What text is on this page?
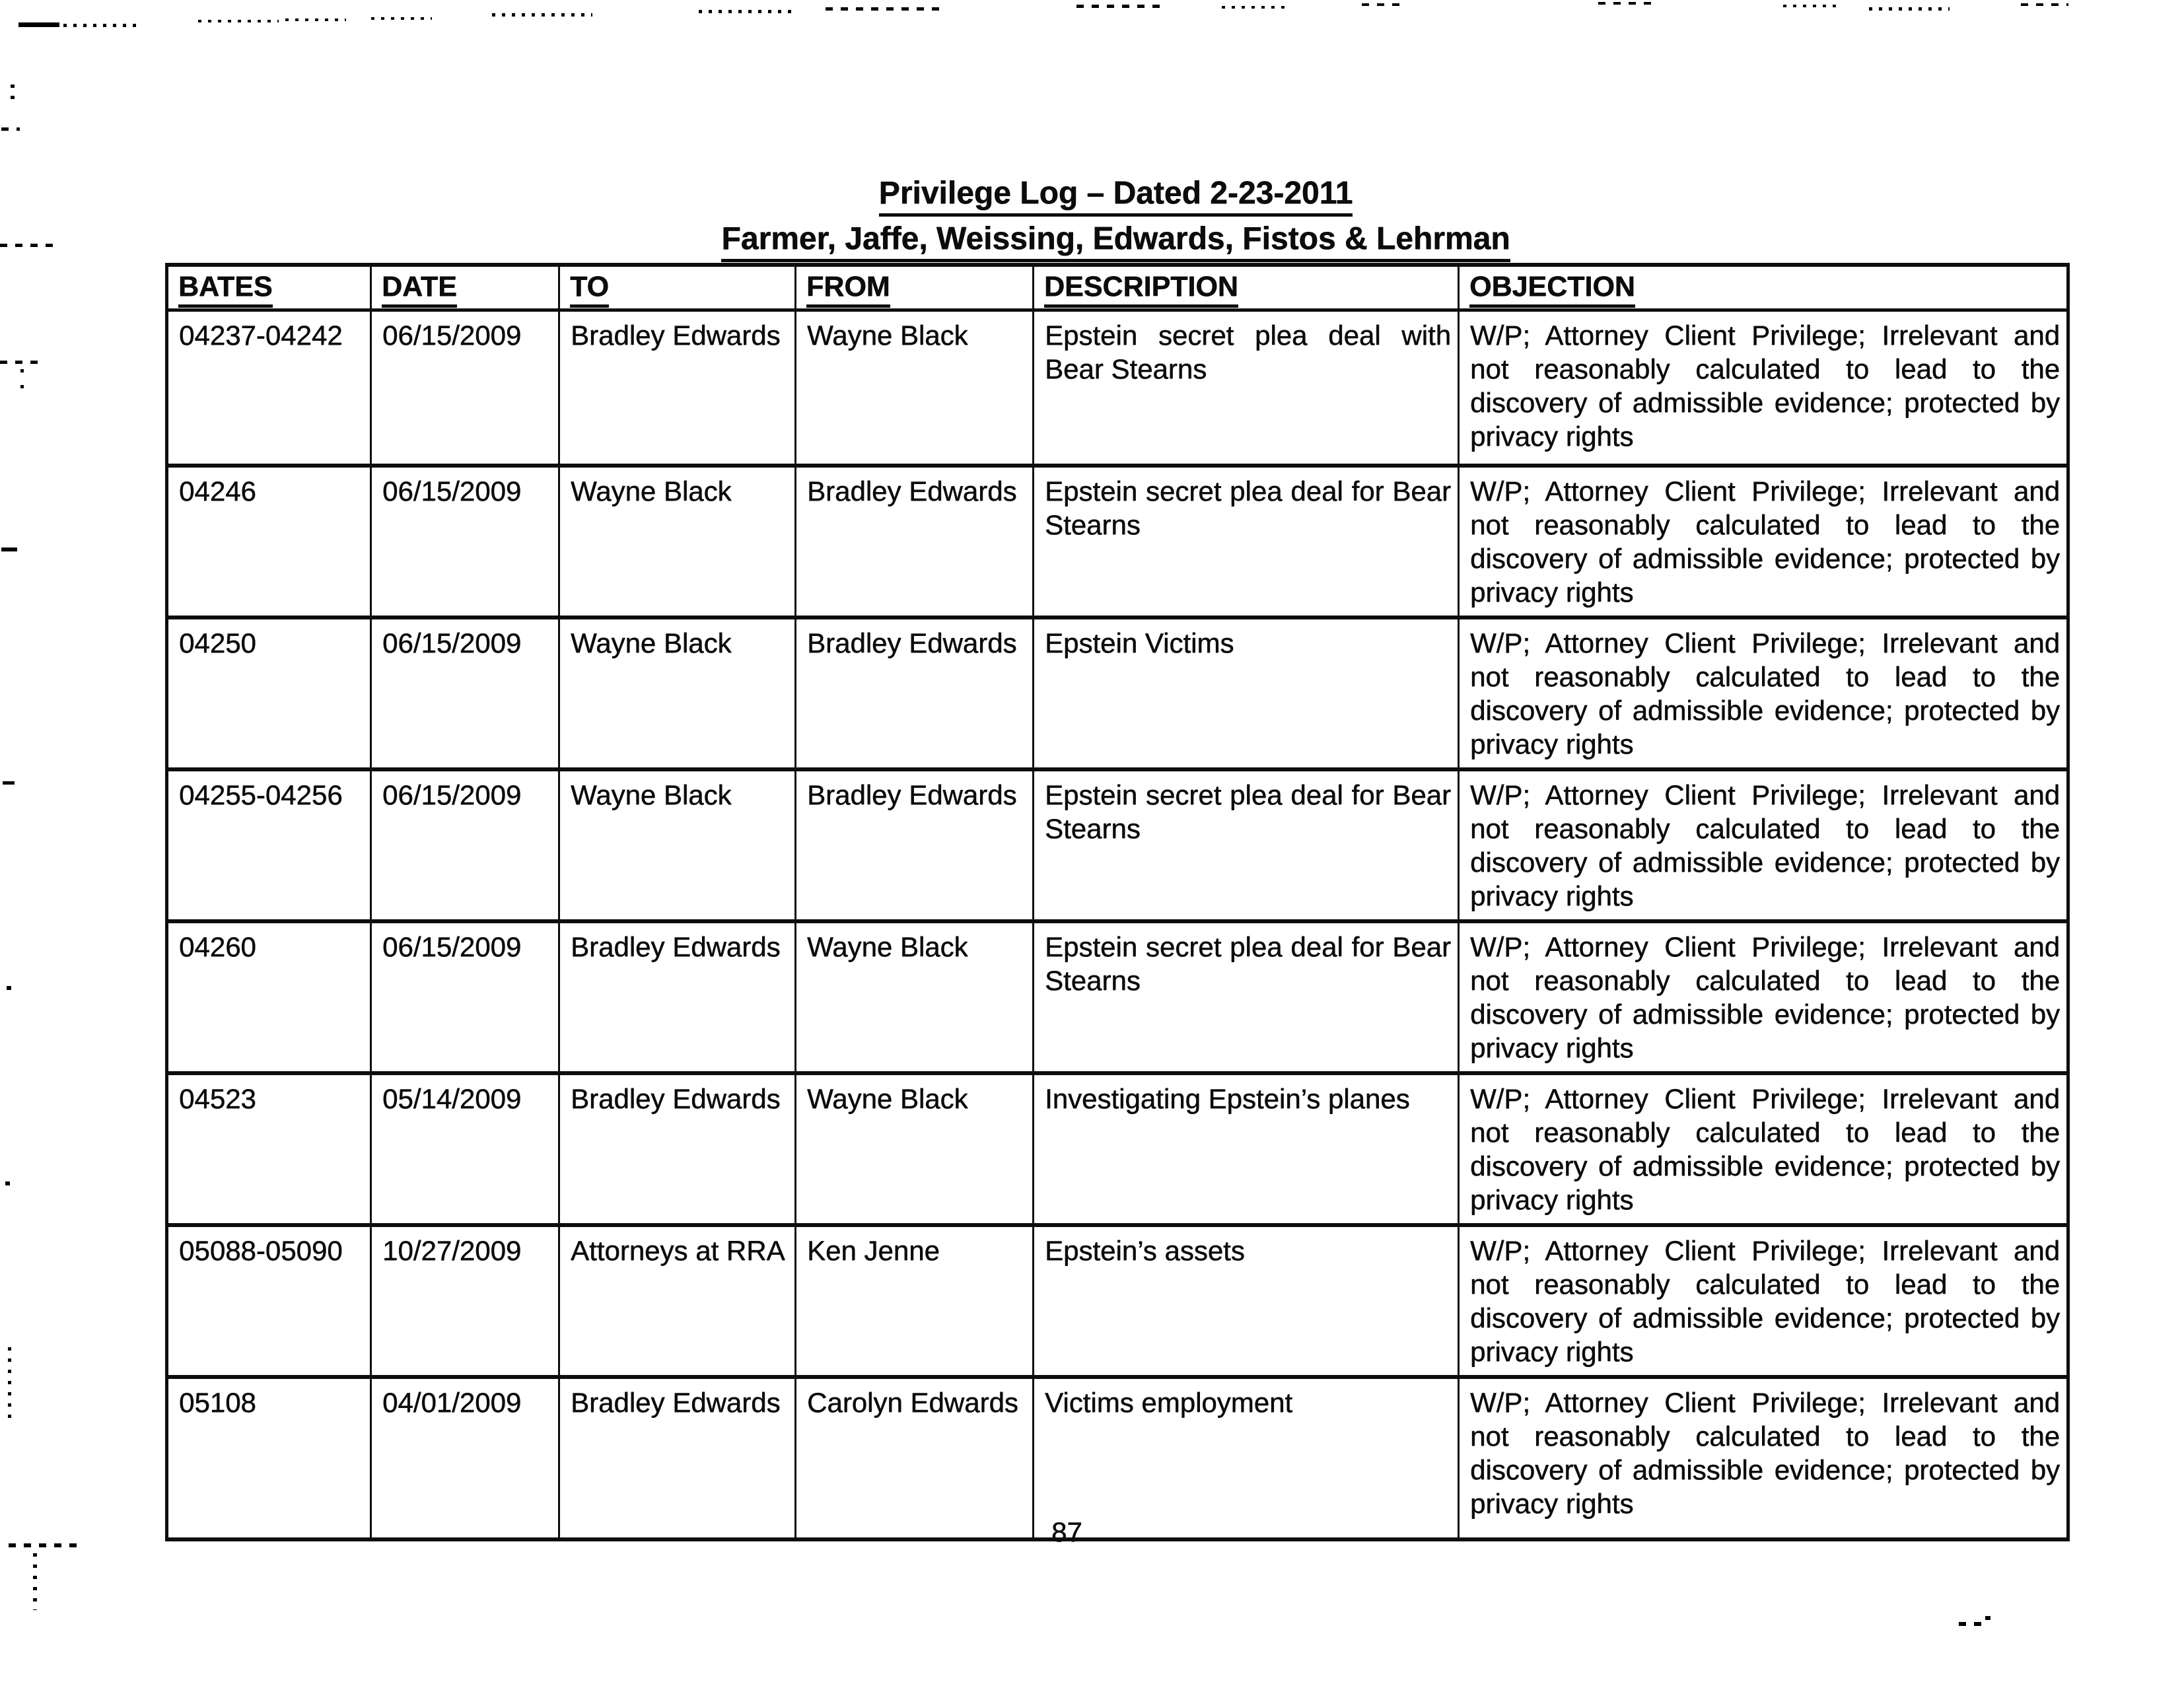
Privilege Log – Dated 2-23-2011
Farmer, Jaffe, Weissing, Edwards, Fistos & Lehrman
BATES	DATE	TO	FROM	DESCRIPTION	OBJECTION
04237-04242	06/15/2009	Bradley Edwards	Wayne Black	Epstein secret plea deal with Bear Stearns	W/P; Attorney Client Privilege; Irrelevant and not reasonably calculated to lead to the discovery of admissible evidence; protected by privacy rights
04246	06/15/2009	Wayne Black	Bradley Edwards	Epstein secret plea deal for Bear Stearns	W/P; Attorney Client Privilege; Irrelevant and not reasonably calculated to lead to the discovery of admissible evidence; protected by privacy rights
04250	06/15/2009	Wayne Black	Bradley Edwards	Epstein Victims	W/P; Attorney Client Privilege; Irrelevant and not reasonably calculated to lead to the discovery of admissible evidence; protected by privacy rights
04255-04256	06/15/2009	Wayne Black	Bradley Edwards	Epstein secret plea deal for Bear Stearns	W/P; Attorney Client Privilege; Irrelevant and not reasonably calculated to lead to the discovery of admissible evidence; protected by privacy rights
04260	06/15/2009	Bradley Edwards	Wayne Black	Epstein secret plea deal for Bear Stearns	W/P; Attorney Client Privilege; Irrelevant and not reasonably calculated to lead to the discovery of admissible evidence; protected by privacy rights
04523	05/14/2009	Bradley Edwards	Wayne Black	Investigating Epstein’s planes	W/P; Attorney Client Privilege; Irrelevant and not reasonably calculated to lead to the discovery of admissible evidence; protected by privacy rights
05088-05090	10/27/2009	Attorneys at RRA	Ken Jenne	Epstein’s assets	W/P; Attorney Client Privilege; Irrelevant and not reasonably calculated to lead to the discovery of admissible evidence; protected by privacy rights
05108	04/01/2009	Bradley Edwards	Carolyn Edwards	Victims employment	W/P; Attorney Client Privilege; Irrelevant and not reasonably calculated to lead to the discovery of admissible evidence; protected by privacy rights
87
